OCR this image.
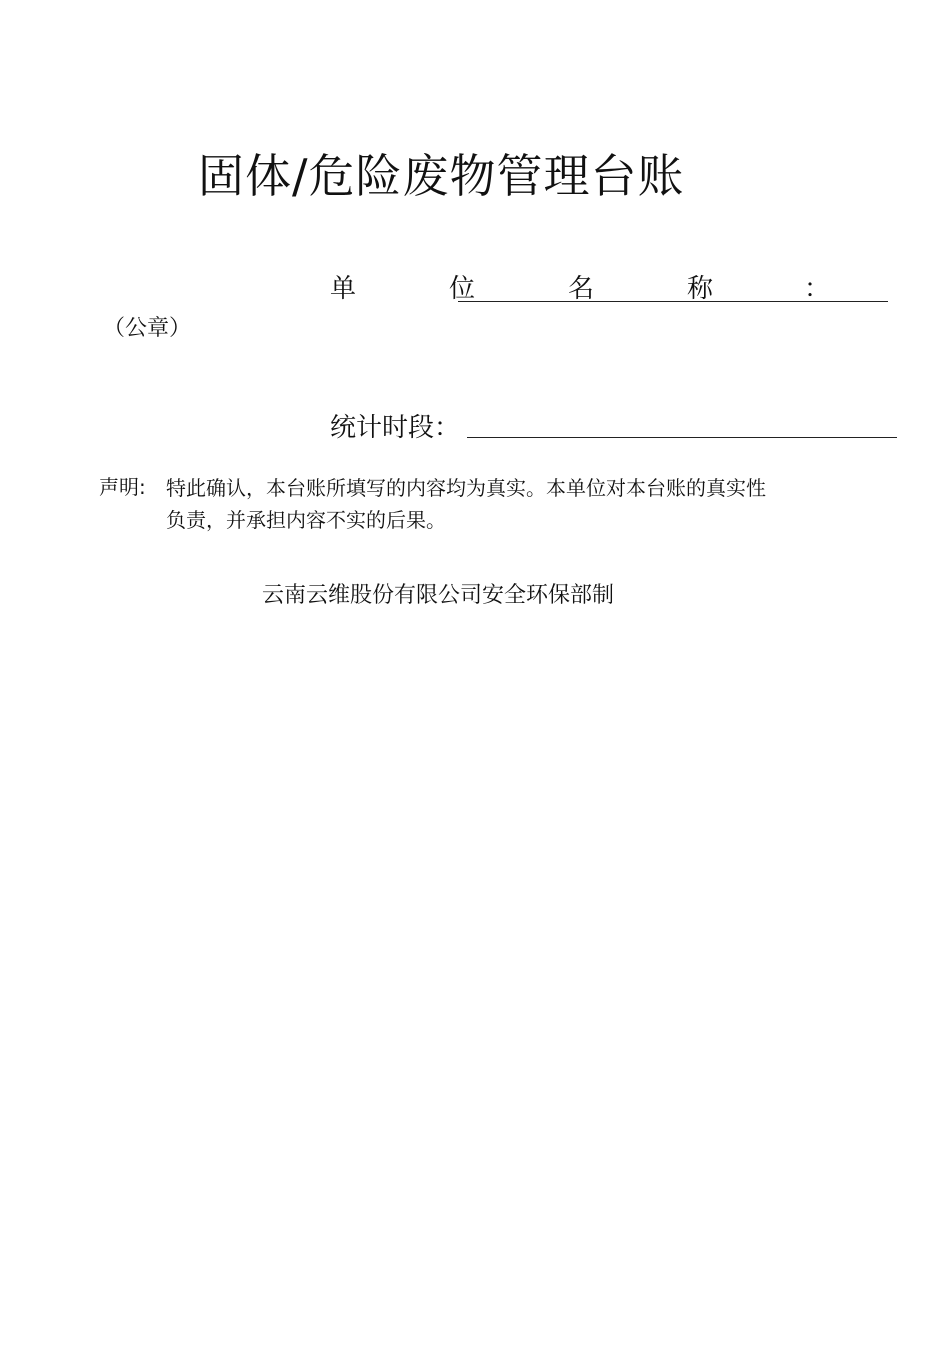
固体/危险废物管理台账
单	位	名	称	：
（公章）
统计时段：
声明: 特此确认，本台账所填写的内容均为真实。本单位对本台账的真实性
负责，并承担内容不实的后果。
云南云维股份有限公司安全环保部制
